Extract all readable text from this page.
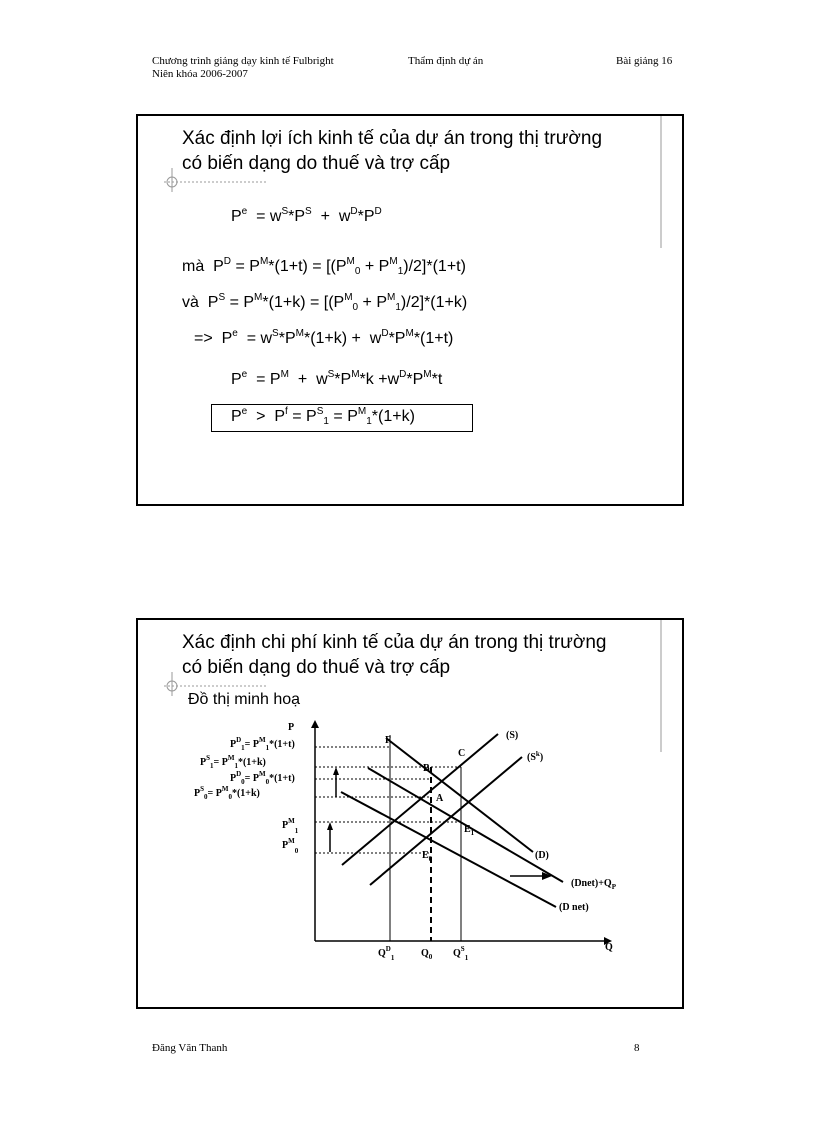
Chương trình giảng dạy kinh tế Fulbright	Thẩm định dự án	Bài giảng 16
Niên khóa 2006-2007
Xác định lợi ích kinh tế của dự án trong thị trường
có biến dạng do thuế và trợ cấp
$P^e = w^S*P^S + w^D*P^D$
mà  $P^D = P^M*(1+t) = [(P^M_0 + P^M_1)/2]*(1+t)$
và  $P^S = P^M*(1+k) = [(P^M_0 + P^M_1)/2]*(1+k)$
=>  $P^e = w^S*P^M*(1+k) + w^D*P^M*(1+t)$
$P^e = P^M + w^S*P^M*k +w^D*P^M*t$
$P^e > P^f = P^S_1 = P^M_1*(1+k)$
Xác định chi phí kinh tế của dự án trong thị trường
có biến dạng do thuế và trợ cấp
Đồ thị minh hoạ
P
Q
$P^D_1= P^M_1*(1+t)$
$P^S_1= P^M_1*(1+k)$
$P^D_0= P^M_0*(1+t)$
$P^S_0= P^M_0*(1+k)$
$P^M_1$
$P^M_0$
F
C
B
A
$E_1$
$E_0$
(S)
$(S^k)$
(D)
$(Dnet)+Q_P$
(D net)
$Q^D_1$	$Q_0$ $Q^S_1$
Đăng Văn Thanh	8
